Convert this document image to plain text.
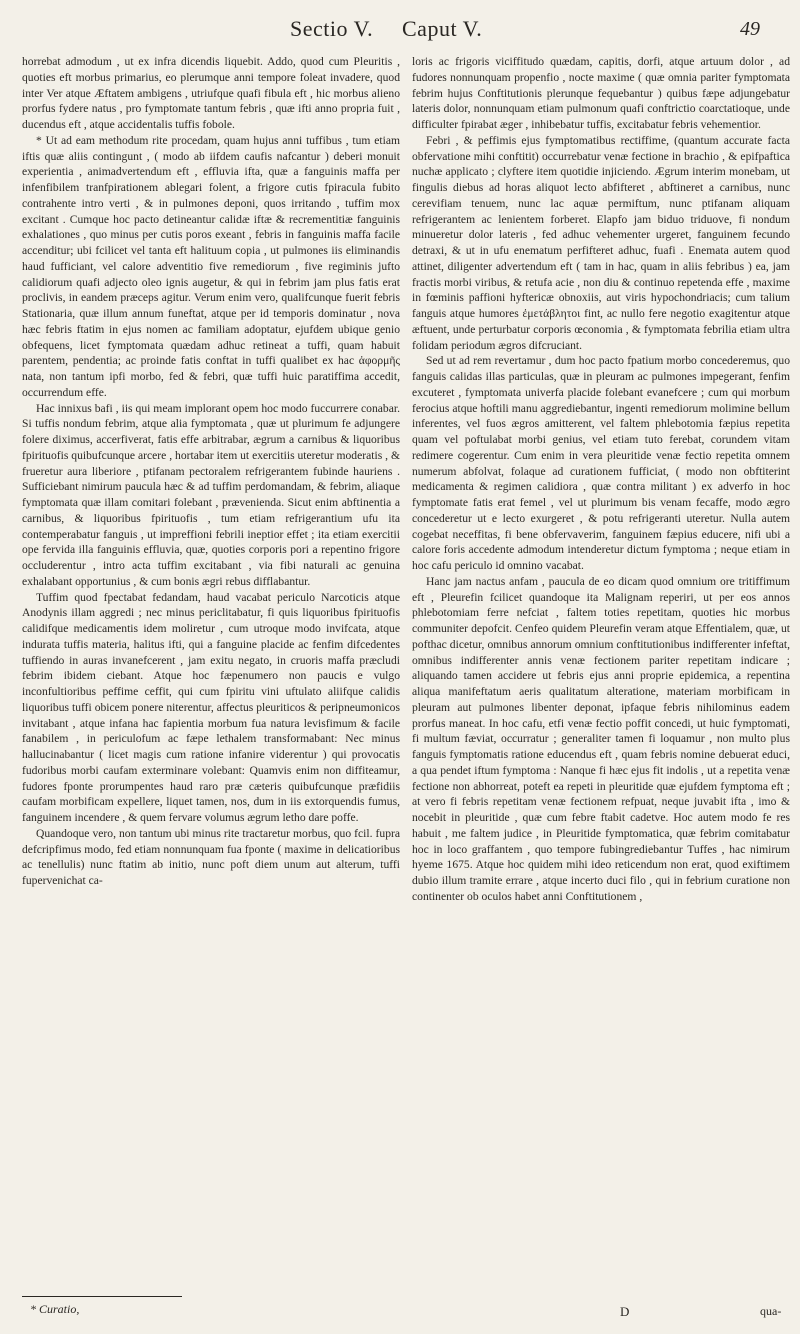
Sectio V. Caput V.	49

horrebat admodum , ut ex infra dicendis liquebit. Addo, quod cum Pleuritis , quoties eft morbus primarius, eo plerumque anni tempore foleat invadere, quod inter Ver atque Æftatem ambigens , utriufque quafi fibula eft , hic morbus alieno prorfus fydere natus , pro fymptomate tantum febris , quæ ifti anno propria fuit , ducendus eft , atque accidentalis tuffis fobole.

* Ut ad eam methodum rite procedam, quam hujus anni tuffibus , tum etiam iftis quæ aliis contingunt , ( modo ab iifdem caufis nafcantur ) deberi monuit experientia , animadvertendum eft , effluvia ifta, quæ a fanguinis maffa per infenfibilem tranfpirationem ablegari folent, a frigore cutis fpiracula fubito contrahente intro verti , & in pulmones deponi, quos irritando , tuffim mox excitant . Cumque hoc pacto detineantur calidæ iftæ & recrementitiæ fanguinis exhalationes , quo minus per cutis poros exeant , febris in fanguinis maffa facile accenditur; ubi fcilicet vel tanta eft halituum copia , ut pulmones iis eliminandis haud fufficiant, vel calore adventitio five remediorum , five regiminis jufto calidiorum quafi adjecto oleo ignis augetur, & qui in febrim jam plus fatis erat proclivis, in eandem præceps agitur. Verum enim vero, qualifcunque fuerit febris Stationaria, quæ illum annum funeftat, atque per id temporis dominatur , nova hæc febris ftatim in ejus nomen ac familiam adoptatur, ejufdem ubique genio obfequens, licet fymptomata quædam adhuc retineat a tuffi, quam habuit parentem, pendentia; ac proinde fatis conftat in tuffi qualibet ex hac ἀφορμῆς nata, non tantum ipfi morbo, fed & febri, quæ tuffi huic paratiffima accedit, occurrendum effe.

Hac innixus bafi , iis qui meam implorant opem hoc modo fuccurrere conabar. Si tuffis nondum febrim, atque alia fymptomata , quæ ut plurimum fe adjungere folere diximus, accerfiverat, fatis effe arbitrabar, ægrum a carnibus & liquoribus fpirituofis quibufcunque arcere , hortabar item ut exercitiis uteretur moderatis , & frueretur aura liberiore , ptifanam pectoralem refrigerantem fubinde hauriens . Sufficiebant nimirum paucula hæc & ad tuffim perdomandam, & febrim, aliaque fymptomata quæ illam comitari folebant , prævenienda. Sicut enim abftinentia a carnibus, & liquoribus fpirituofis , tum etiam refrigerantium ufu ita contemperabatur fanguis , ut impreffioni febrili ineptior effet ; ita etiam exercitii ope fervida illa fanguinis effluvia, quæ, quoties corporis pori a repentino frigore occluderentur , intro acta tuffim excitabant , via fibi naturali ac genuina exhalabant opportunius , & cum bonis ægri rebus difflabantur.

Tuffim quod fpectabat fedandam, haud vacabat periculo Narcoticis atque Anodynis illam aggredi ; nec minus periclitabatur, fi quis liquoribus fpirituofis calidifque medicamentis idem moliretur , cum utroque modo invifcata, atque indurata tuffis materia, halitus ifti, qui a fanguine placide ac fenfim difcedentes tuffiendo in auras invanefcerent , jam exitu negato, in cruoris maffa præcludi febrim ibidem ciebant. Atque hoc fæpenumero non paucis e vulgo inconfultioribus peffime ceffit, qui cum fpiritu vini uftulato aliifque calidis liquoribus tuffi obicem ponere niterentur, affectus pleuriticos & peripneumonicos invitabant , atque infana hac fapientia morbum fua natura levisfimum & facile fanabilem , in periculofum ac fæpe lethalem transformabant: Nec minus hallucinabantur ( licet magis cum ratione infanire viderentur ) qui provocatis fudoribus morbi caufam exterminare volebant: Quamvis enim non diffiteamur, fudores fponte prorumpentes haud raro præ cæteris quibufcunque præfidiis caufam morbificam expellere, liquet tamen, nos, dum in iis extorquendis fumus, fanguinem incendere , & quem fervare volumus ægrum letho dare poffe.

Quandoque vero, non tantum ubi minus rite tractaretur morbus, quo fcil. fupra defcripfimus modo, fed etiam nonnunquam fua fponte ( maxime in delicatioribus ac tenellulis) nunc ftatim ab initio, nunc poft diem unum aut alterum, tuffi fupervenichat ca-

loris ac frigoris viciffitudo quædam, capitis, dorfi, atque artuum dolor , ad fudores nonnunquam propenfio , nocte maxime ( quæ omnia pariter fymptomata febrim hujus Conftitutionis plerunque fequebantur ) quibus fæpe adjungebatur lateris dolor, nonnunquam etiam pulmonum quafi conftrictio coarctatioque, unde difficulter fpirabat æger , inhibebatur tuffis, excitabatur febris vehementior.

Febri , & peffimis ejus fymptomatibus rectiffime, (quantum accurate facta obfervatione mihi conftitit) occurrebatur venæ fectione in brachio , & epifpaftica nuchæ applicato ; clyftere item quotidie injiciendo. Ægrum interim monebam, ut fingulis diebus ad horas aliquot lecto abfifteret , abftineret a carnibus, nunc cerevifiam tenuem, nunc lac aquæ permiftum, nunc ptifanam aliquam refrigerantem ac lenientem forberet. Elapfo jam biduo triduove, fi nondum minueretur dolor lateris , fed adhuc vehementer urgeret, fanguinem fecundo detraxi, & ut in ufu enematum perfifteret adhuc, fuafi . Enemata autem quod attinet, diligenter advertendum eft ( tam in hac, quam in aliis febribus ) ea, jam fractis morbi viribus, & retufa acie , non diu & continuo repetenda effe , maxime in fœminis paffioni hyftericæ obnoxiis, aut viris hypochondriacis; cum talium fanguis atque humores ἐμετάβλητοι fint, ac nullo fere negotio exagitentur atque æftuent, unde perturbatur corporis œconomia , & fymptomata febrilia etiam ultra folidam periodum ægros difcruciant.

Sed ut ad rem revertamur , dum hoc pacto fpatium morbo concederemus, quo fanguis calidas illas particulas, quæ in pleuram ac pulmones impegerant, fenfim excuteret , fymptomata univerfa placide folebant evanefcere ; cum qui morbum ferocius atque hoftili manu aggrediebantur, ingenti remediorum molimine bellum inferentes, vel fuos ægros amitterent, vel faltem phlebotomia fæpius repetita quam vel poftulabat morbi genius, vel etiam tuto ferebat, corundem vitam redimere cogerentur. Cum enim in vera pleuritide venæ fectio repetita omnem numerum abfolvat, folaque ad curationem fufficiat, ( modo non obftiterint medicamenta & regimen calidiora , quæ contra militant ) ex adverfo in hoc fymptomate fatis erat femel , vel ut plurimum bis venam fecaffe, modo ægro concederetur ut e lecto exurgeret , & potu refrigeranti uteretur. Nulla autem cogebat neceffitas, fi bene obfervaverim, fanguinem fæpius educere, nifi ubi a calore foris accedente admodum intenderetur dictum fymptoma ; neque etiam in hoc cafu periculo id omnino vacabat.

Hanc jam nactus anfam , paucula de eo dicam quod omnium ore tritiffimum eft , Pleurefin fcilicet quandoque ita Malignam reperiri, ut per eos annos phlebotomiam ferre nefciat , faltem toties repetitam, quoties hic morbus communiter depofcit. Cenfeo quidem Pleurefin veram atque Effentialem, quæ, ut pofthac dicetur, omnibus annorum omnium conftitutionibus indifferenter infeftat, omnibus indifferenter annis venæ fectionem pariter repetitam indicare ; aliquando tamen accidere ut febris ejus anni proprie epidemica, a repentina aliqua manifeftatum aeris qualitatum alteratione, materiam morbificam in pleuram aut pulmones libenter deponat, ipfaque febris nihilominus eadem prorfus maneat. In hoc cafu, etfi venæ fectio poffit concedi, ut huic fymptomati, fi multum fæviat, occurratur ; generaliter tamen fi loquamur , non multo plus fanguis fymptomatis ratione educendus eft , quam febris nomine debuerat educi, a qua pendet iftum fymptoma : Nanque fi hæc ejus fit indolis , ut a repetita venæ fectione non abhorreat, poteft ea repeti in pleuritide quæ ejufdem fymptoma eft ; at vero fi febris repetitam venæ fectionem refpuat, neque juvabit ifta , imo & nocebit in pleuritide , quæ cum febre ftabit cadetve. Hoc autem modo fe res habuit , me faltem judice , in Pleuritide fymptomatica, quæ febrim comitabatur hoc in loco graffantem , quo tempore fubingrediebantur Tuffes , hac nimirum hyeme 1675. Atque hoc quidem mihi ideo reticendum non erat, quod exiftimem dubio illum tramite errare , atque incerto duci filo , qui in febrium curatione non continenter ob oculos habet anni Conftitutionem ,

* Curatio,	D	qua-
